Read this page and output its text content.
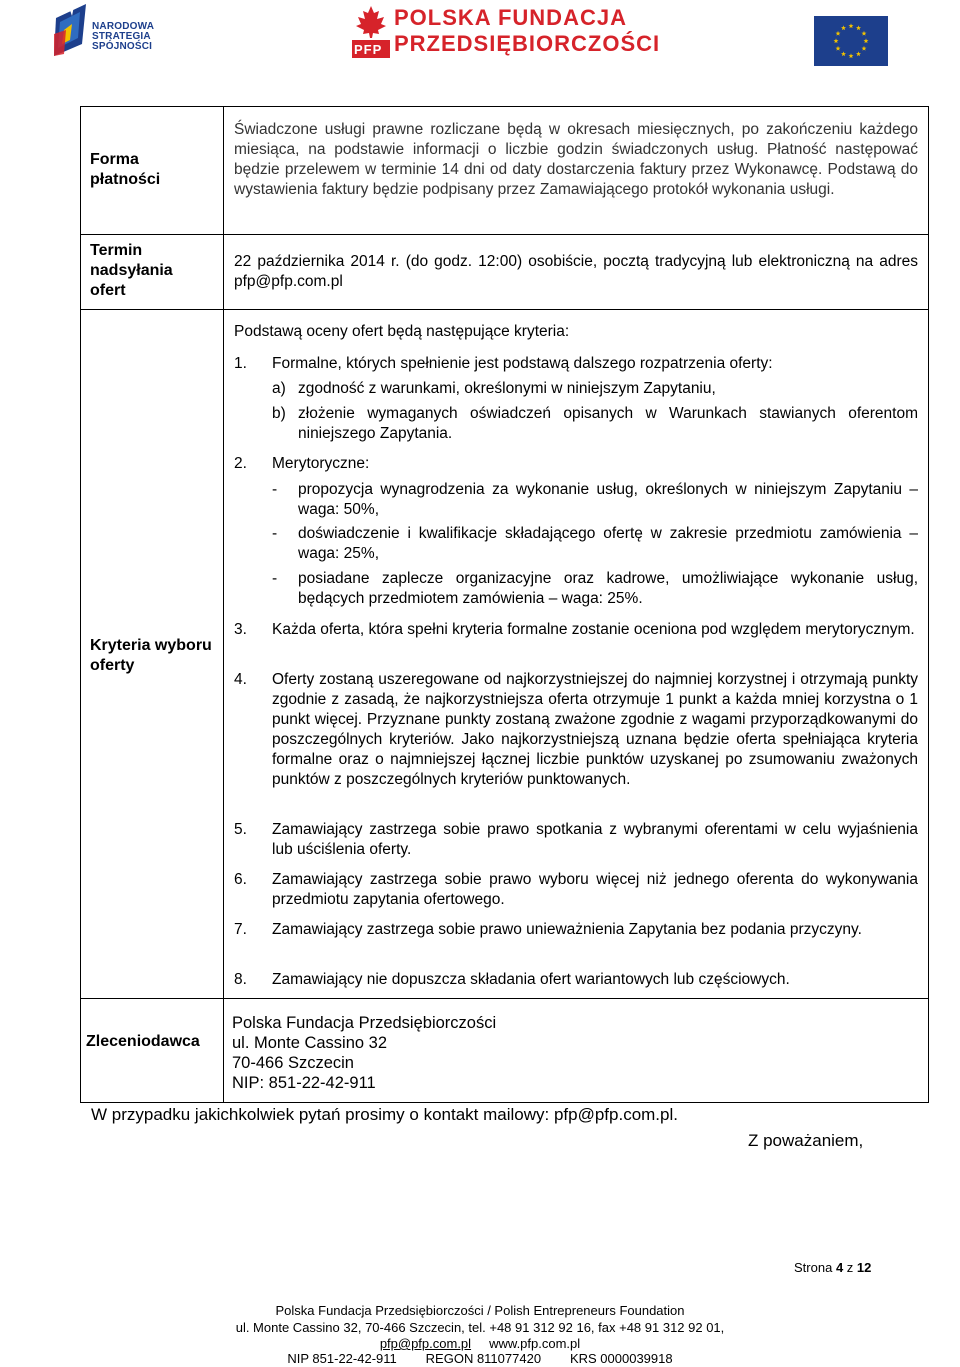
NARODOWA
STRATEGIA SPÓJNOŚCI	PFP
POLSKA FUNDACJA
PRZEDSIĘBIORCZOŚCI
Forma płatności
Świadczone usługi prawne rozliczane będą w okresach miesięcznych, po zakończeniu każdego miesiąca, na podstawie informacji o liczbie godzin świadczonych usług. Płatność następować będzie przelewem w terminie 14 dni od daty dostarczenia faktury przez Wykonawcę. Podstawą do wystawienia faktury będzie podpisany przez Zamawiającego protokół wykonania usługi.
Termin nadsyłania ofert
22 października 2014 r. (do godz. 12:00) osobiście, pocztą tradycyjną lub elektroniczną na adres pfp@pfp.com.pl
Kryteria wyboru oferty
Podstawą oceny ofert będą następujące kryteria:
1.	Formalne, których spełnienie jest podstawą dalszego rozpatrzenia oferty:
a) zgodność z warunkami, określonymi w niniejszym Zapytaniu,
b) złożenie wymaganych oświadczeń opisanych w Warunkach stawianych oferentom niniejszego Zapytania.
2.	Merytoryczne:
-	propozycja wynagrodzenia za wykonanie usług, określonych w niniejszym Zapytaniu – waga: 50%,
-	doświadczenie i kwalifikacje składającego ofertę w zakresie przedmiotu zamówienia – waga: 25%,
-	posiadane zaplecze organizacyjne oraz kadrowe, umożliwiające wykonanie usług, będących przedmiotem zamówienia – waga: 25%.
3.	Każda oferta, która spełni kryteria formalne zostanie oceniona pod względem merytorycznym.
4.	Oferty zostaną uszeregowane od najkorzystniejszej do najmniej korzystnej i otrzymają punkty zgodnie z zasadą, że najkorzystniejsza oferta otrzymuje 1 punkt a każda mniej korzystna o 1 punkt więcej. Przyznane punkty zostaną zważone zgodnie z wagami przyporządkowanymi do poszczególnych kryteriów. Jako najkorzystniejszą uznana będzie oferta spełniająca kryteria formalne oraz o najmniejszej łącznej liczbie punktów uzyskanej po zsumowaniu zważonych punktów z poszczególnych kryteriów punktowanych.
5.	Zamawiający zastrzega sobie prawo spotkania z wybranymi oferentami w celu wyjaśnienia lub uściślenia oferty.
6.	Zamawiający zastrzega sobie prawo wyboru więcej niż jednego oferenta do wykonywania przedmiotu zapytania ofertowego.
7.	Zamawiający zastrzega sobie prawo unieważnienia Zapytania bez podania przyczyny.
8.	Zamawiający nie dopuszcza składania ofert wariantowych lub częściowych.
Zleceniodawca
Polska Fundacja Przedsiębiorczości
ul. Monte Cassino 32
70-466 Szczecin
NIP: 851-22-42-911
W przypadku jakichkolwiek pytań prosimy o kontakt mailowy: pfp@pfp.com.pl.
Z poważaniem,
Strona 4 z 12
Polska Fundacja Przedsiębiorczości / Polish Entrepreneurs Foundation
ul. Monte Cassino 32, 70-466 Szczecin, tel. +48 91 312 92 16, fax +48 91 312 92 01,
pfp@pfp.com.pl www.pfp.com.pl
NIP 851-22-42-911 REGON 811077420 KRS 0000039918
